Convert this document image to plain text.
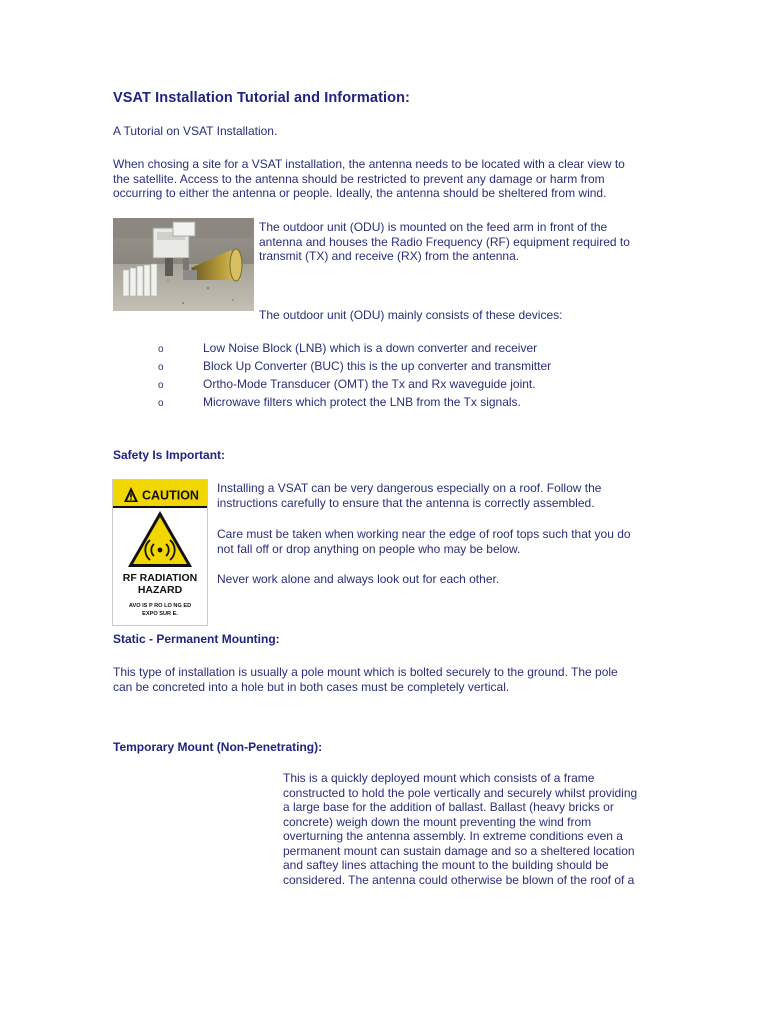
VSAT Installation Tutorial and Information:

A Tutorial on VSAT Installation.

When chosing a site for a VSAT installation, the antenna needs to be located with a clear view to

the satellite. Access to the antenna should be restricted to prevent any damage or harm from

occurring to either the antenna or people. Ideally, the antenna should be sheltered from wind.

The outdoor unit (ODU) is mounted on the feed arm in front of the

antenna and houses the Radio Frequency (RF) equipment required to

transmit (TX) and receive (RX) from the antenna.

The outdoor unit (ODU) mainly consists of these devices:

o	Low Noise Block (LNB) which is a down converter and receiver
o	Block Up Converter (BUC) this is the up converter and transmitter
o	Ortho-Mode Transducer (OMT) the Tx and Rx waveguide joint.
o	Microwave filters which protect the LNB from the Tx signals.
Safety Is Important:
CAUTION
RF RADIATION
HAZARD
AVO IS P RO LO NG ED
EXPO SUR E.

Installing a VSAT can be very dangerous especially on a roof. Follow the

instructions carefully to ensure that the antenna is correctly assembled.

Care must be taken when working near the edge of roof tops such that you do

not fall off or drop anything on people who may be below.

Never work alone and always look out for each other.

Static - Permanent Mounting:

This type of installation is usually a pole mount which is bolted securely to the ground. The pole

can be concreted into a hole but in both cases must be completely vertical.

Temporary Mount (Non-Penetrating):

This is a quickly deployed mount which consists of a frame

constructed to hold the pole vertically and securely whilst providing

a large base for the addition of ballast. Ballast (heavy bricks or

concrete) weigh down the mount preventing the wind from

overturning the antenna assembly. In extreme conditions even a

permanent mount can sustain damage and so a sheltered location

and saftey lines attaching the mount to the building should be

considered. The antenna could otherwise be blown of the roof of a
